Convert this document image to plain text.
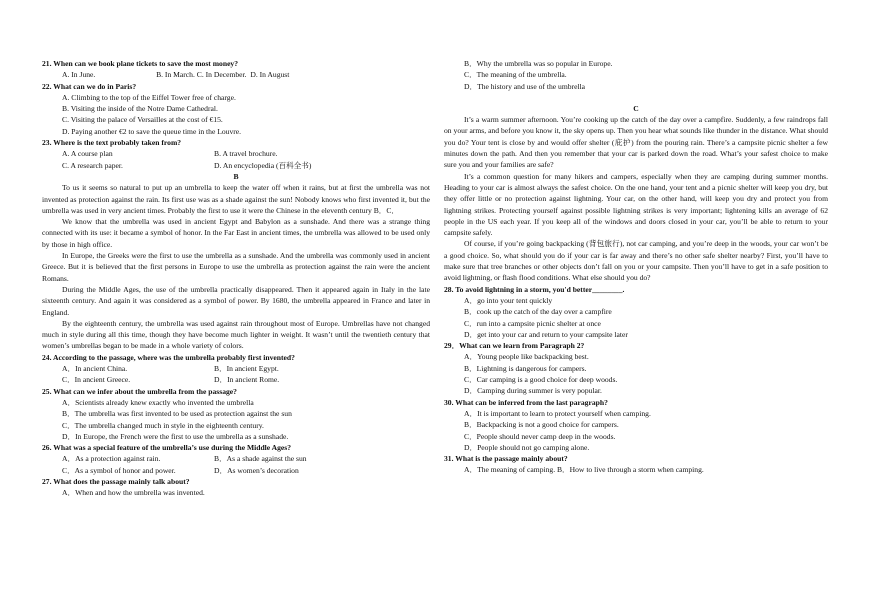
21. When can we book plane tickets to save the most money?
A. In June.                                B. In March. C. In December.  D. In August
22. What can we do in Paris?
A. Climbing to the top of the Eiffel Tower free of charge.
B. Visiting the inside of the Notre Dame Cathedral.
C. Visiting the palace of Versailles at the cost of €15.
D. Paying another €2 to save the queue time in the Louvre.
23. Where is the text probably taken from?
A. A course plan	B. A travel brochure.
C. A research paper.	D. An encyclopedia (百科全书)
B

To us it seems so natural to put up an umbrella to keep the water off when it rains, but at first the umbrella was not invented as protection against the rain. Its first use was as a shade against the sun! Nobody knows who first invented it, but the umbrella was used in very ancient times. Probably the first to use it were the Chinese in the eleventh century B．C．

We know that the umbrella was used in ancient Egypt and Babylon as a sunshade. And there was a strange thing connected with its use: it became a symbol of honor. In the Far East in ancient times, the umbrella was allowed to be used only by those in high office.

In Europe, the Greeks were the first to use the umbrella as a sunshade. And the umbrella was commonly used in ancient Greece. But it is believed that the first persons in Europe to use the umbrella as protection against the rain were the ancient Romans.

During the Middle Ages, the use of the umbrella practically disappeared. Then it appeared again in Italy in the late sixteenth century. And again it was considered as a symbol of power. By 1680, the umbrella appeared in France and later in England.

By the eighteenth century, the umbrella was used against rain throughout most of Europe. Umbrellas have not changed much in style during all this time, though they have become much lighter in weight. It wasn’t until the twentieth century that women’s umbrellas began to be made in a whole variety of colors.

24. According to the passage, where was the umbrella probably first invented?
A．In ancient China.	B．In ancient Egypt.
C．In ancient Greece.	D．In ancient Rome.
25. What can we infer about the umbrella from the passage?
A．Scientists already knew exactly who invented the umbrella
B．The umbrella was first invented to be used as protection against the sun
C．The umbrella changed much in style in the eighteenth century.
D．In Europe, the French were the first to use the umbrella as a sunshade.
26. What was a special feature of the umbrella’s use during the Middle Ages?
A．As a protection against rain.	B．As a shade against the sun
C．As a symbol of honor and power.	D．As women’s decoration
27. What does the passage mainly talk about?
A．When and how the umbrella was invented.
B．Why the umbrella was so popular in Europe.
C．The meaning of the umbrella.
D．The history and use of the umbrella
C

It’s a warm summer afternoon. You’re cooking up the catch of the day over a campfire. Suddenly, a few raindrops fall on your arms, and before you know it, the sky opens up. Then you hear what sounds like thunder in the distance. What should you do? Your tent is close by and would offer shelter (庇护) from the pouring rain. There’s a campsite picnic shelter a few minutes down the path. And then you remember that your car is parked down the road. What’s your safest choice to make sure you and your families are safe?

It’s a common question for many hikers and campers, especially when they are camping during summer months. Heading to your car is almost always the safest choice. On the one hand, your tent and a picnic shelter will keep you dry, but they offer little or no protection against lightning. Your car, on the other hand, will keep you dry and protect you from lightning strikes. Protecting yourself against possible lightning strikes is very important; lightening kills an average of 62 people in the US each year. If you keep all of the windows and doors closed in your car, you’ll be able to return to your campsite safely.

Of course, if you’re going backpacking (背包旅行), not car camping, and you’re deep in the woods, your car won’t be a good choice. So, what should you do if your car is far away and there’s no other safe shelter nearby? First, you’ll have to make sure that tree branches or other objects don’t fall on you or your campsite. Then you’ll have to get in a safe position to avoid lightning, or flash flood conditions. What else should you do?

28. To avoid lightning in a storm, you'd better________.
A．go into your tent quickly
B．cook up the catch of the day over a campfire
C．run into a campsite picnic shelter at once
D．get into your car and return to your campsite later
29．What can we learn from Paragraph 2?
A．Young people like backpacking best.
B．Lightning is dangerous for campers.
C．Car camping is a good choice for deep woods.
D．Camping during summer is very popular.
30. What can be inferred from the last paragraph?
A．It is important to learn to protect yourself when camping.
B．Backpacking is not a good choice for campers.
C．People should never camp deep in the woods.
D．People should not go camping alone.
31. What is the passage mainly about?
A．The meaning of camping. B．How to live through a storm when camping.
